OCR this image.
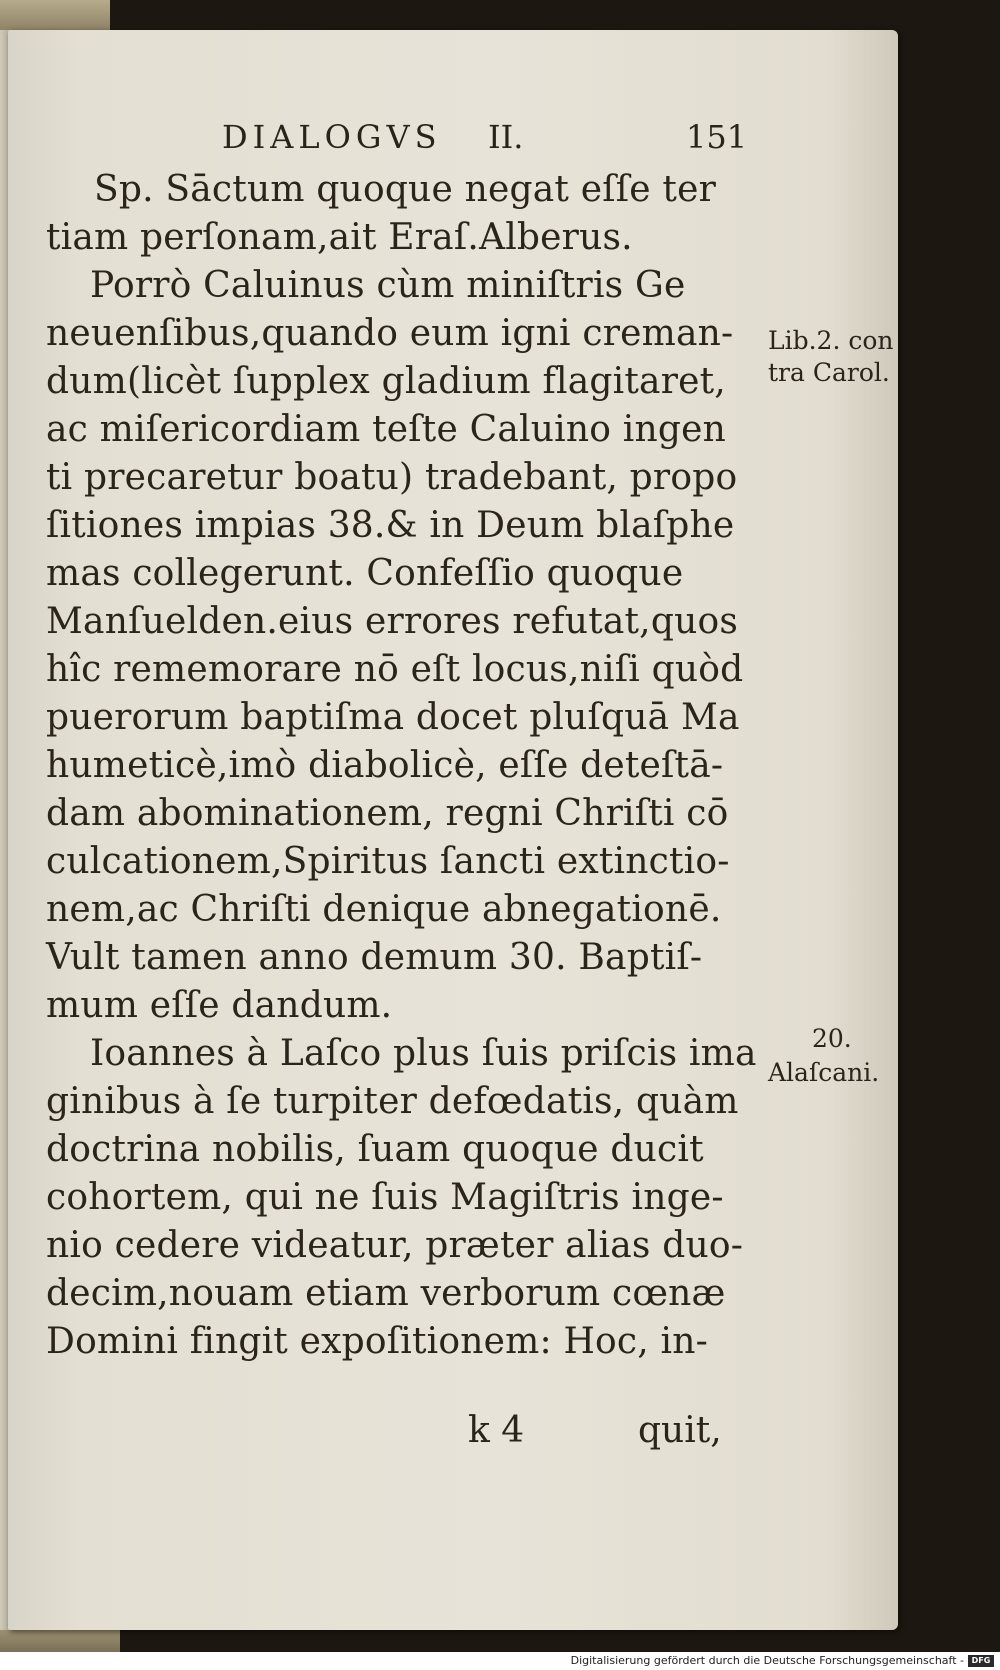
DIALOGVS II.	151
Sp. Sāctum quoque negat eſſe ter
tiam perſonam,ait Eraſ.Alberus.
Porrò Caluinus cùm miniſtris Ge
neuenſibus,quando eum igni creman-
dum(licèt ſupplex gladium flagitaret,
ac miſericordiam teſte Caluino ingen
ti precaretur boatu) tradebant, propo
ſitiones impias 38.& in Deum blaſphe
mas collegerunt. Confeſſio quoque
Manſuelden.eius errores refutat,quos
hîc rememorare nō eſt locus,niſi quòd
puerorum baptiſma docet pluſquā Ma
humeticè,imò diabolicè, eſſe deteſtā-
dam abominationem, regni Chriſti cō
culcationem,Spiritus ſancti extinctio-
nem,ac Chriſti denique abnegationē.
Vult tamen anno demum 30. Baptiſ-
mum eſſe dandum.
Ioannes à Laſco plus ſuis priſcis ima
ginibus à ſe turpiter defœdatis, quàm
doctrina nobilis, ſuam quoque ducit
cohortem, qui ne ſuis Magiſtris inge-
nio cedere videatur, præter alias duo-
decim,nouam etiam verborum cœnæ
Domini fingit expoſitionem: Hoc, in-
Lib.2. con
tra Carol.
20.
Alaſcani.
k 4	quit,
Digitalisierung gefördert durch die Deutsche Forschungsgemeinschaft - DFG
